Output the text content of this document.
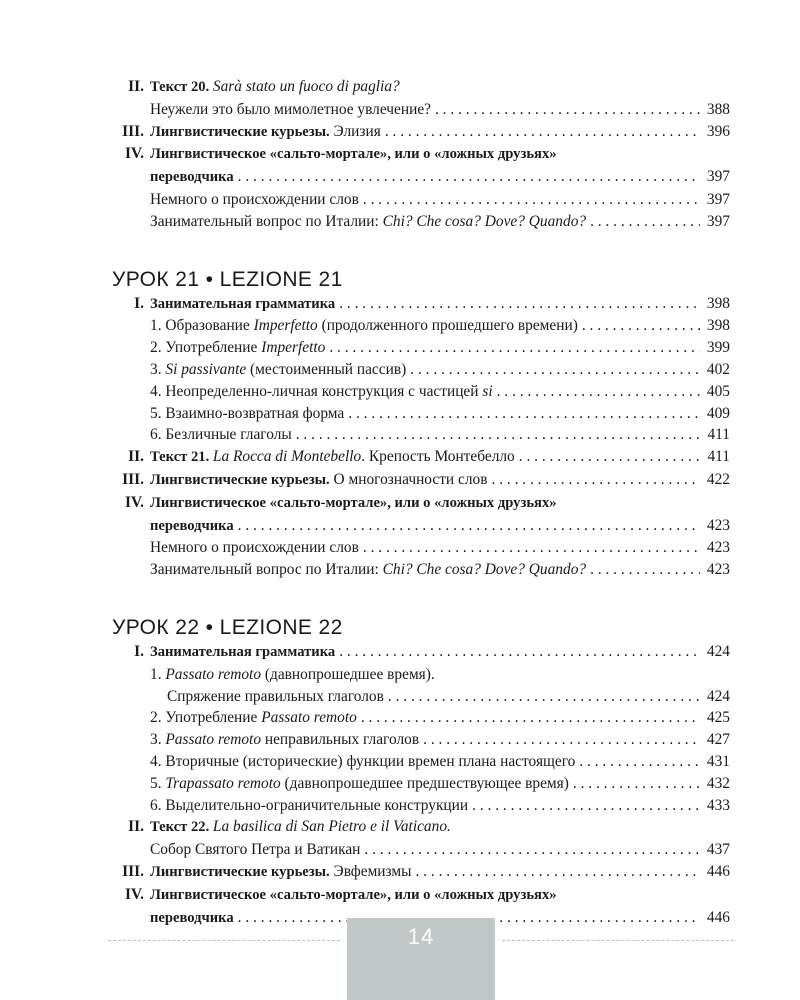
II. Текст 20. Sarà stato un fuoco di paglia?
Неужели это было мимолетное увлечение? . . .	388
III. Лингвистические курьезы. Элизия . . .	396
IV. Лингвистическое «сальто-мортале», или о «ложных друзьях»
переводчика . . .	397
Немного о происхождении слов . . .	397
Занимательный вопрос по Италии: Chi? Che cosa? Dove? Quando? . . .	397
УРОК 21 • LEZIONE 21
I. Занимательная грамматика . . .	398
1. Образование Imperfetto (продолженного прошедшего времени) . . .	398
2. Употребление Imperfetto . . .	399
3. Si passivante (местоименный пассив) . . .	402
4. Неопределенно-личная конструкция с частицей si . . .	405
5. Взаимно-возвратная форма . . .	409
6. Безличные глаголы . . .	411
II. Текст 21. La Rocca di Montebello. Крепость Монтебелло . . .	411
III. Лингвистические курьезы. О многозначности слов . . .	422
IV. Лингвистическое «сальто-мортале», или о «ложных друзьях»
переводчика . . .	423
Немного о происхождении слов . . .	423
Занимательный вопрос по Италии: Chi? Che cosa? Dove? Quando? . . .	423
УРОК 22 • LEZIONE 22
I. Занимательная грамматика . . .	424
1. Passato remoto (давнопрошедшее время).
Спряжение правильных глаголов . . .	424
2. Употребление Passato remoto . . .	425
3. Passato remoto неправильных глаголов . . .	427
4. Вторичные (исторические) функции времен плана настоящего . . .	431
5. Trapassato remoto (давнопрошедшее предшествующее время) . . .	432
6. Выделительно-ограничительные конструкции . . .	433
II. Текст 22. La basilica di San Pietro e il Vaticano.
Собор Святого Петра и Ватикан . . .	437
III. Лингвистические курьезы. Эвфемизмы . . .	446
IV. Лингвистическое «сальто-мортале», или о «ложных друзьях»
переводчика . . .	446
14
